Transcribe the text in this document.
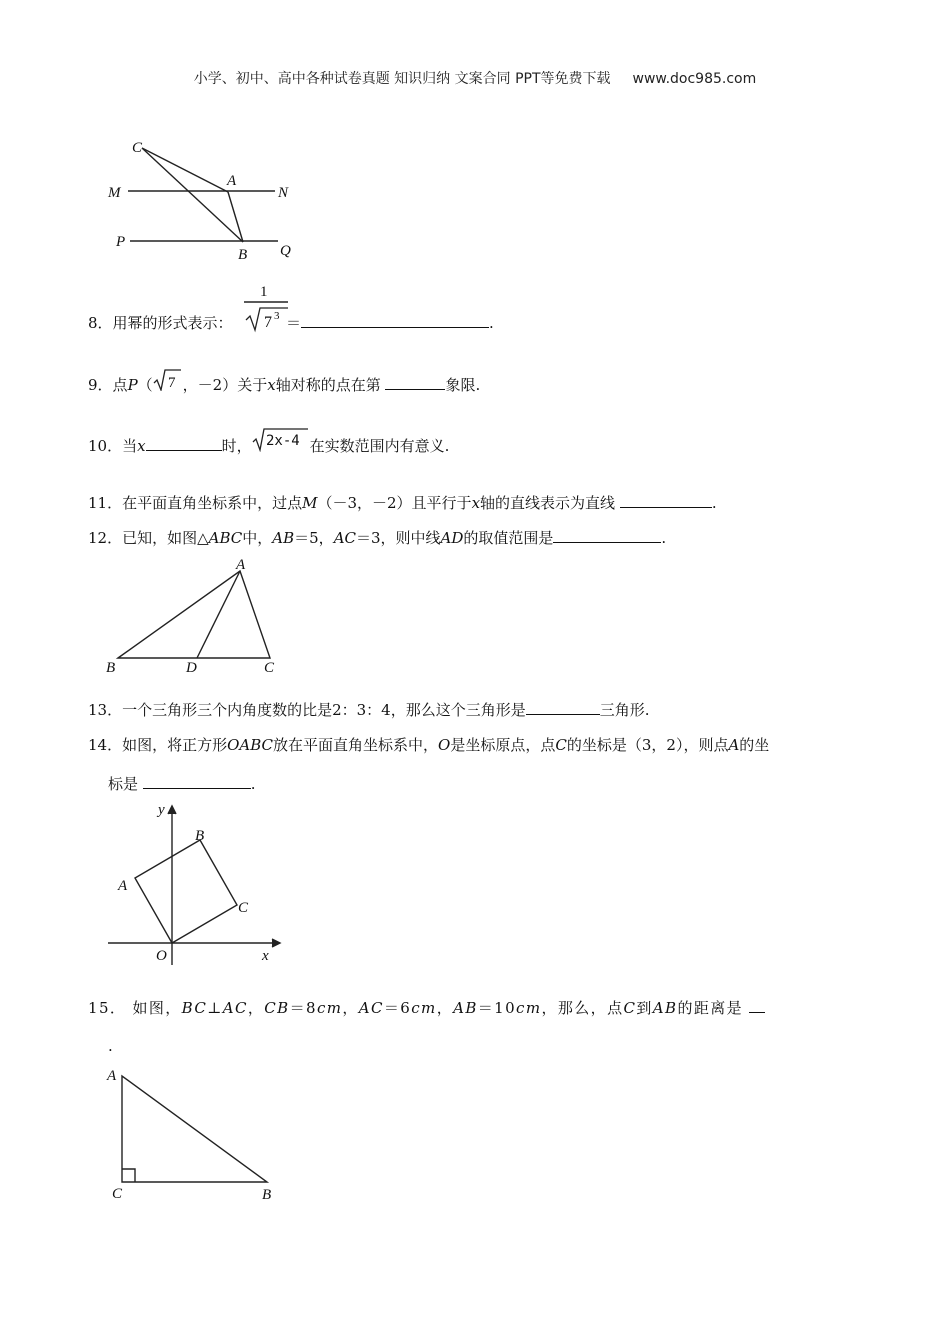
小学、初中、高中各种试卷真题 知识归纳 文案合同 PPT等免费下载 www.doc985.com
C
A
M	N
P
B Q
8．用幂的形式表示：
1
7 3 ＝	.
9．点P（ 7 ，－2）关于x轴对称的点在第	象限.
10．当x	时， 2x-4 在实数范围内有意义.
11．在平面直角坐标系中，过点M（－3，－2）且平行于x轴的直线表示为直线	.
12．已知，如图△ABC中，AB＝5，AC＝3，则中线AD的取值范围是	.
A
B	D	C
13．一个三角形三个内角度数的比是2：3：4，那么这个三角形是	三角形.
14．如图，将正方形OABC放在平面直角坐标系中，O是坐标原点，点C的坐标是（3，2），则点A的坐
标是	.
y
x
O
A
B
C
15． 如图，BC⊥AC，CB＝8cm，AC＝6cm，AB＝10cm，那么，点C到AB的距离是
.
A
C	B
